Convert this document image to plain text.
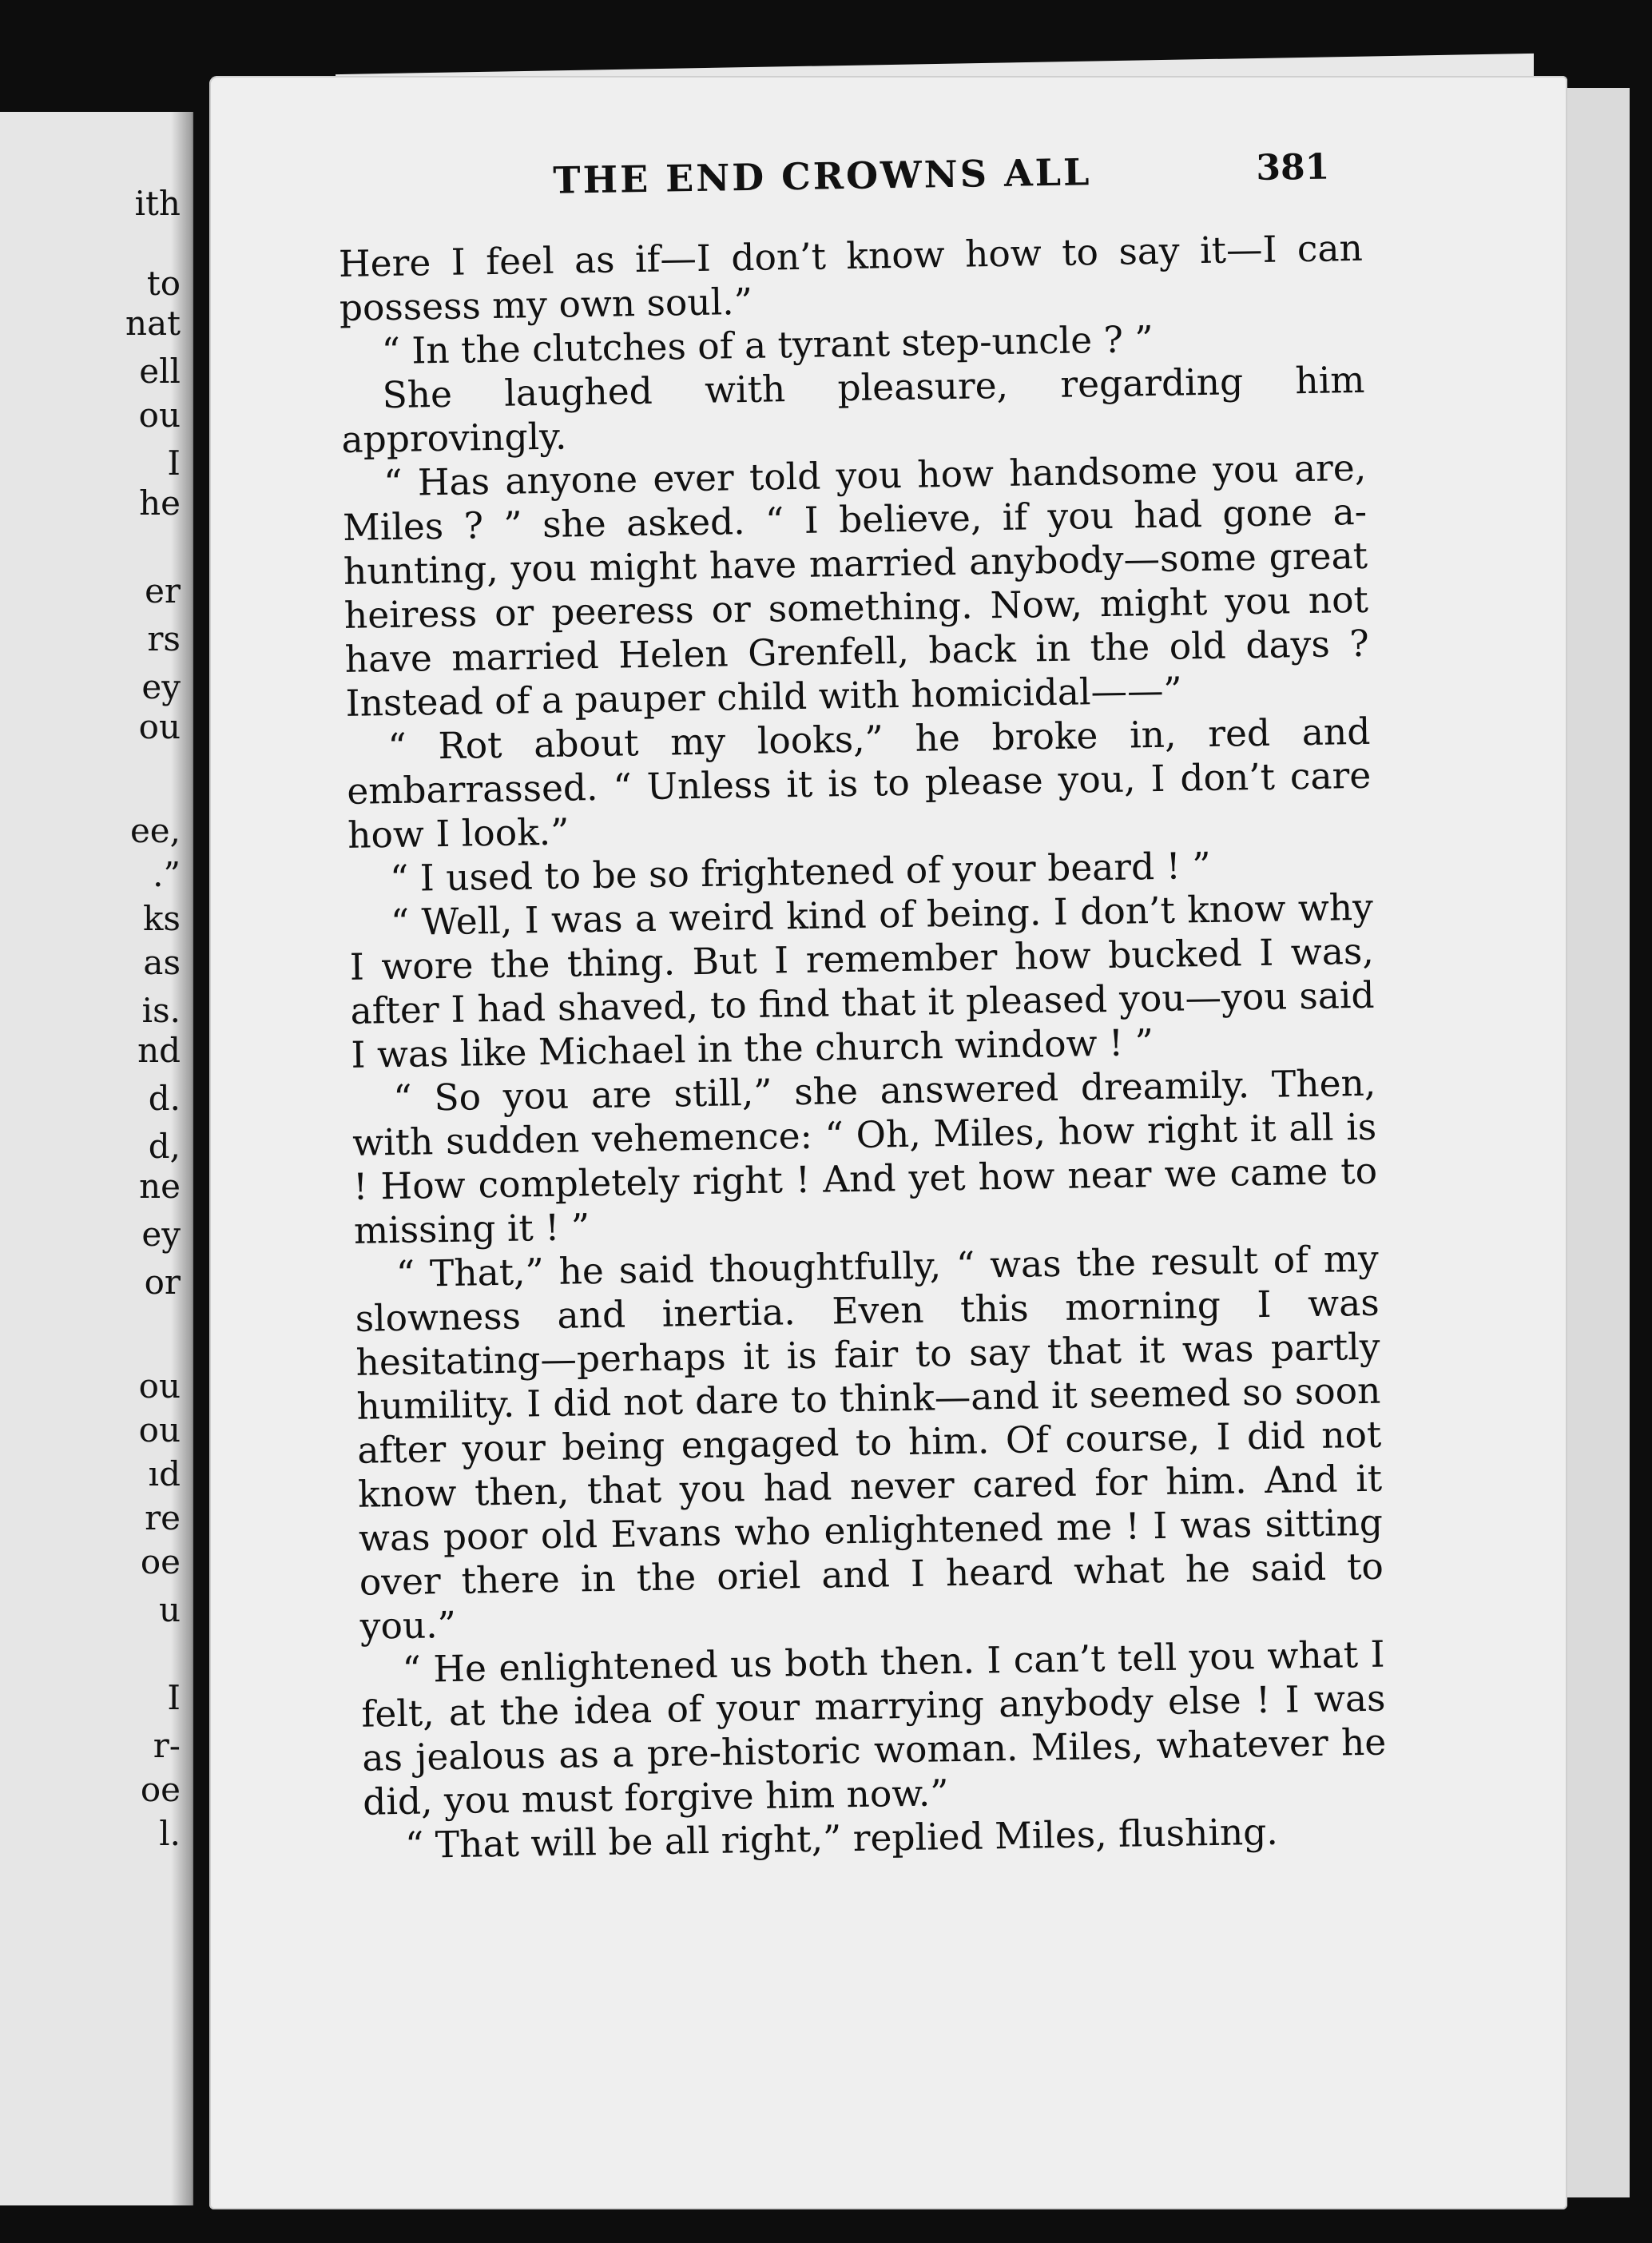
ith
to
nat
ell
ou
I
he
er
rs
ey
ou
ee,
.”
ks
as
is.
nd
d.
d,
ne
ey
or
ou
ou
ıd
re
oe
u
I
r-
oe
l.
THE END CROWNS ALL	381

Here I feel as if—I don’t know how to say it—I can possess my own soul.”

“ In the clutches of a tyrant step-uncle ? ”

She laughed with pleasure, regarding him approvingly.

“ Has anyone ever told you how handsome you are, Miles ? ” she asked. “ I believe, if you had gone a-hunting, you might have married anybody—some great heiress or peeress or something. Now, might you not have married Helen Grenfell, back in the old days ? Instead of a pauper child with homicidal——”

“ Rot about my looks,” he broke in, red and embarrassed. “ Unless it is to please you, I don’t care how I look.”

“ I used to be so frightened of your beard ! ”

“ Well, I was a weird kind of being. I don’t know why I wore the thing. But I remember how bucked I was, after I had shaved, to find that it pleased you—you said I was like Michael in the church window ! ”

“ So you are still,” she answered dreamily. Then, with sudden vehemence: “ Oh, Miles, how right it all is ! How completely right ! And yet how near we came to missing it ! ”

“ That,” he said thoughtfully, “ was the result of my slowness and inertia. Even this morning I was hesitating—perhaps it is fair to say that it was partly humility. I did not dare to think—and it seemed so soon after your being engaged to him. Of course, I did not know then, that you had never cared for him. And it was poor old Evans who enlightened me ! I was sitting over there in the oriel and I heard what he said to you.”

“ He enlightened us both then. I can’t tell you what I felt, at the idea of your marrying anybody else ! I was as jealous as a pre-historic woman. Miles, whatever he did, you must forgive him now.”

“ That will be all right,” replied Miles, flushing.
